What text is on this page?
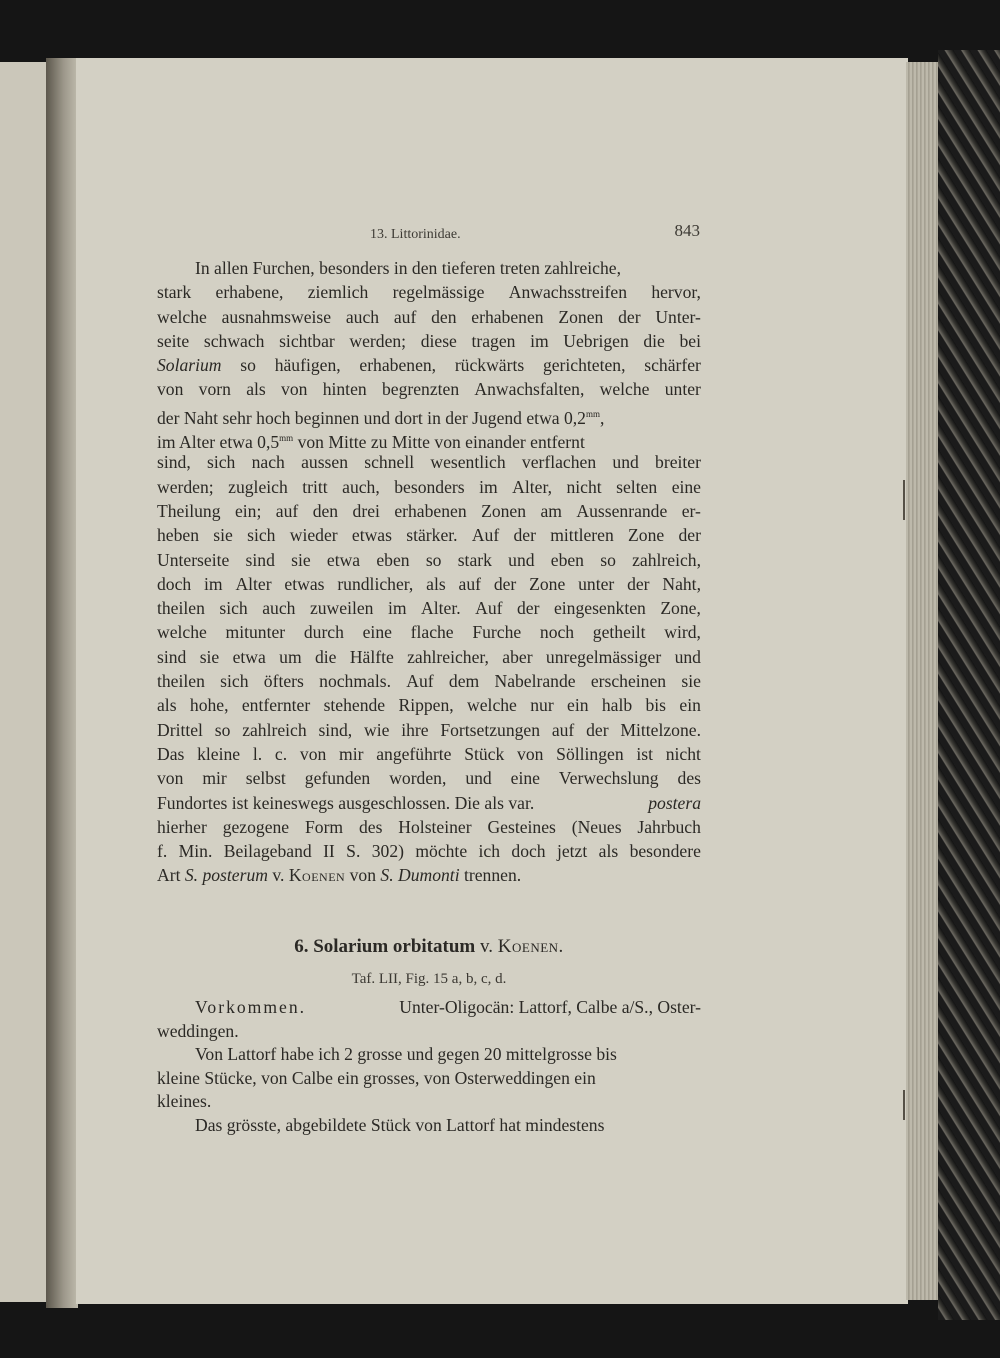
13. Littorinidae.	843
In allen Furchen, besonders in den tieferen treten zahlreiche,
stark erhabene, ziemlich regelmässige Anwachsstreifen hervor,
welche ausnahmsweise auch auf den erhabenen Zonen der Unter-
seite schwach sichtbar werden; diese tragen im Uebrigen die bei
Solarium so häufigen, erhabenen, rückwärts gerichteten, schärfer
von vorn als von hinten begrenzten Anwachsfalten, welche unter
der Naht sehr hoch beginnen und dort in der Jugend etwa $0,2^{mm}$,
im Alter etwa $0,5^{mm}$ von Mitte zu Mitte von einander entfernt
sind, sich nach aussen schnell wesentlich verflachen und breiter
werden; zugleich tritt auch, besonders im Alter, nicht selten eine
Theilung ein; auf den drei erhabenen Zonen am Aussenrande er-
heben sie sich wieder etwas stärker. Auf der mittleren Zone der
Unterseite sind sie etwa eben so stark und eben so zahlreich,
doch im Alter etwas rundlicher, als auf der Zone unter der Naht,
theilen sich auch zuweilen im Alter. Auf der eingesenkten Zone,
welche mitunter durch eine flache Furche noch getheilt wird,
sind sie etwa um die Hälfte zahlreicher, aber unregelmässiger und
theilen sich öfters nochmals. Auf dem Nabelrande erscheinen sie
als hohe, entfernter stehende Rippen, welche nur ein halb bis ein
Drittel so zahlreich sind, wie ihre Fortsetzungen auf der Mittelzone.
Das kleine l. c. von mir angeführte Stück von Söllingen ist nicht
von mir selbst gefunden worden, und eine Verwechslung des
Fundortes ist keineswegs ausgeschlossen. Die als var.	postera
hierher gezogene Form des Holsteiner Gesteines (Neues Jahrbuch
f. Min. Beilageband II S. 302) möchte ich doch jetzt als besondere
Art S. posterum v. Koenen von S. Dumonti trennen.
6. Solarium orbitatum v. Koenen.
Taf. LII, Fig. 15 a, b, c, d.
Vorkommen.	Unter-Oligocän: Lattorf, Calbe a/S., Oster-
weddingen.
Von Lattorf habe ich 2 grosse und gegen 20 mittelgrosse bis
kleine Stücke, von Calbe ein grosses, von Osterweddingen ein
kleines.
Das grösste, abgebildete Stück von Lattorf hat mindestens
